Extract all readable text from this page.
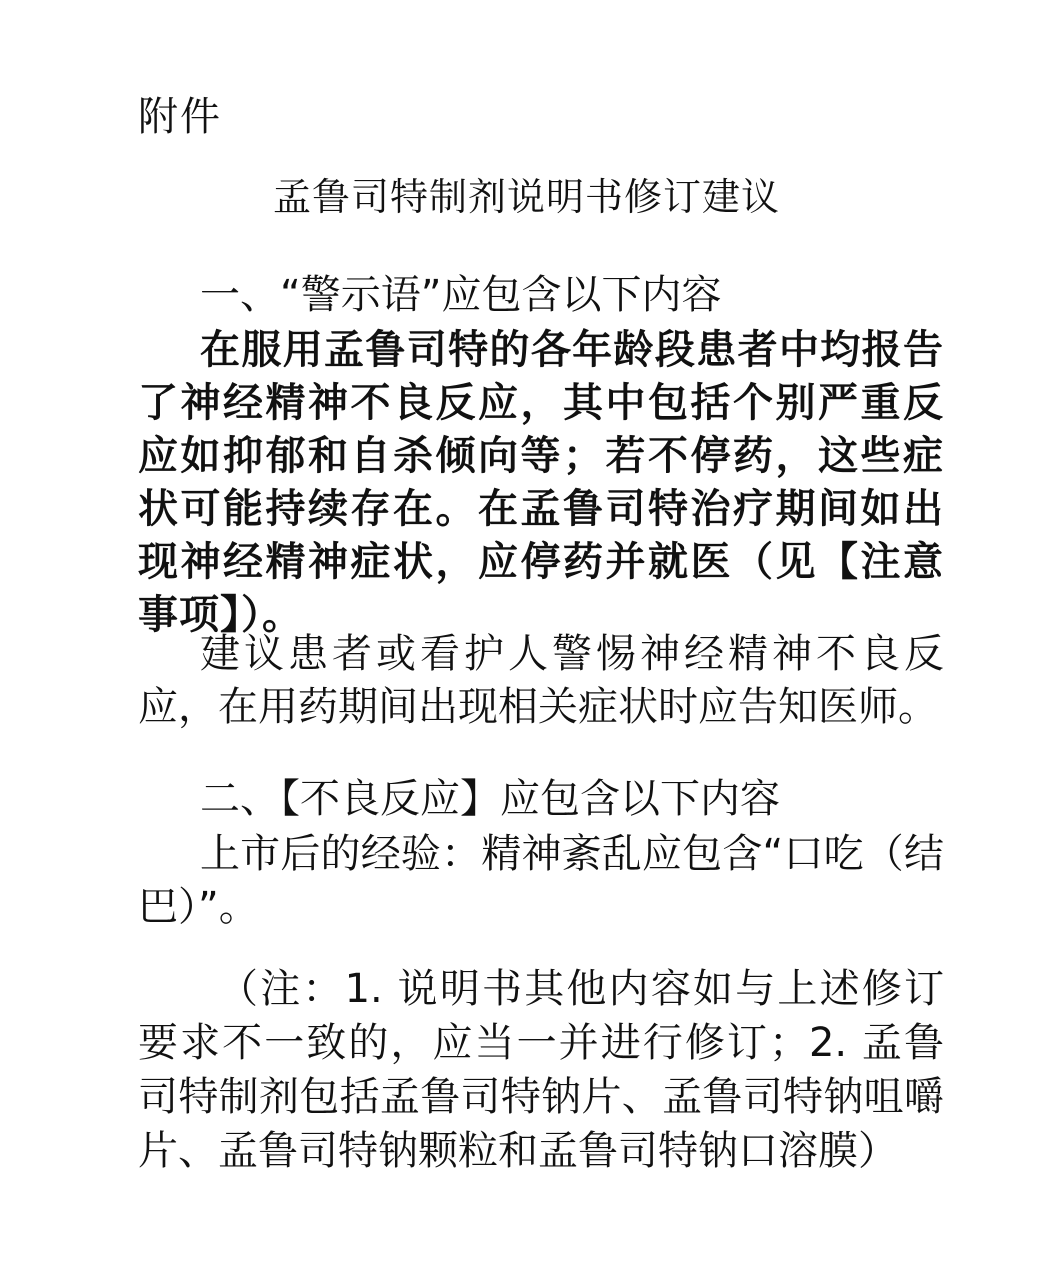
附件
孟鲁司特制剂说明书修订建议
一、“警示语”应包含以下内容

在服用孟鲁司特的各年龄段患者中均报告了神经精神不良反应，其中包括个别严重反应如抑郁和自杀倾向等；若不停药，这些症状可能持续存在。在孟鲁司特治疗期间如出现神经精神症状，应停药并就医（见【注意事项】）。

建议患者或看护人警惕神经精神不良反应，在用药期间出现相关症状时应告知医师。

二、【不良反应】应包含以下内容

上市后的经验：精神紊乱应包含“口吃（结巴）”。

（注：1. 说明书其他内容如与上述修订要求不一致的，应当一并进行修订；2. 孟鲁司特制剂包括孟鲁司特钠片、孟鲁司特钠咀嚼片、孟鲁司特钠颗粒和孟鲁司特钠口溶膜）
